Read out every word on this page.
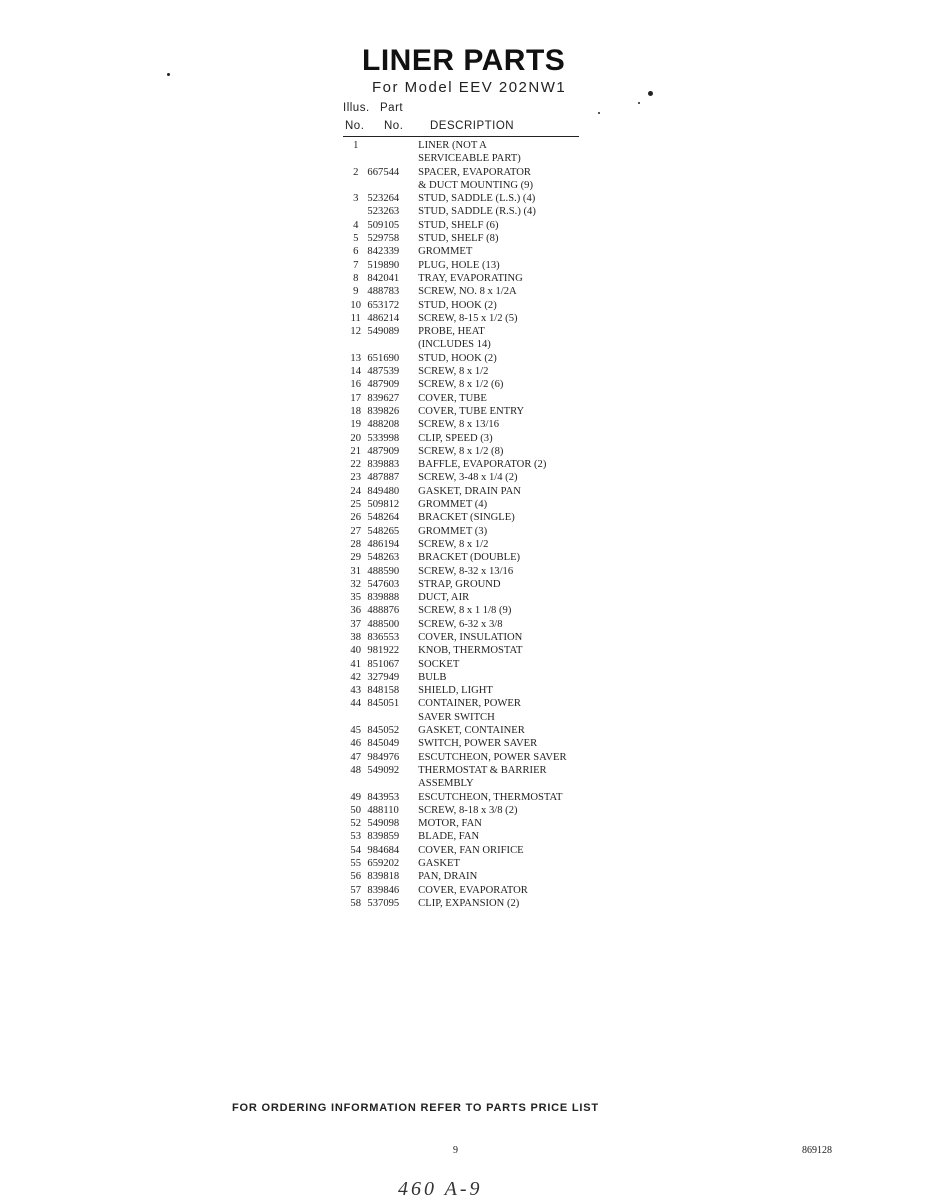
LINER PARTS
For Model EEV 202NW1
Illus. Part
No. No. DESCRIPTION
1	LINER (NOT A
SERVICEABLE PART)
2 667544	SPACER, EVAPORATOR
& DUCT MOUNTING (9)
3 523264	STUD, SADDLE (L.S.) (4)
523263	STUD, SADDLE (R.S.) (4)
4 509105	STUD, SHELF (6)
5 529758	STUD, SHELF (8)
6 842339	GROMMET
7 519890	PLUG, HOLE (13)
8 842041	TRAY, EVAPORATING
9 488783	SCREW, NO. 8 x 1/2A
10 653172	STUD, HOOK (2)
11 486214	SCREW, 8-15 x 1/2 (5)
12 549089	PROBE, HEAT
(INCLUDES 14)
13 651690	STUD, HOOK (2)
14 487539	SCREW, 8 x 1/2
16 487909	SCREW, 8 x 1/2 (6)
17 839627	COVER, TUBE
18 839826	COVER, TUBE ENTRY
19 488208	SCREW, 8 x 13/16
20 533998	CLIP, SPEED (3)
21 487909	SCREW, 8 x 1/2 (8)
22 839883	BAFFLE, EVAPORATOR (2)
23 487887	SCREW, 3-48 x 1/4 (2)
24 849480	GASKET, DRAIN PAN
25 509812	GROMMET (4)
26 548264	BRACKET (SINGLE)
27 548265	GROMMET (3)
28 486194	SCREW, 8 x 1/2
29 548263	BRACKET (DOUBLE)
31 488590	SCREW, 8-32 x 13/16
32 547603	STRAP, GROUND
35 839888	DUCT, AIR
36 488876	SCREW, 8 x 1 1/8 (9)
37 488500	SCREW, 6-32 x 3/8
38 836553	COVER, INSULATION
40 981922	KNOB, THERMOSTAT
41 851067	SOCKET
42 327949	BULB
43 848158	SHIELD, LIGHT
44 845051	CONTAINER, POWER
SAVER SWITCH
45 845052	GASKET, CONTAINER
46 845049	SWITCH, POWER SAVER
47 984976	ESCUTCHEON, POWER SAVER
48 549092	THERMOSTAT & BARRIER
ASSEMBLY
49 843953	ESCUTCHEON, THERMOSTAT
50 488110	SCREW, 8-18 x 3/8 (2)
52 549098	MOTOR, FAN
53 839859	BLADE, FAN
54 984684	COVER, FAN ORIFICE
55 659202	GASKET
56 839818	PAN, DRAIN
57 839846	COVER, EVAPORATOR
58 537095	CLIP, EXPANSION (2)
FOR ORDERING INFORMATION REFER TO PARTS PRICE LIST
9	869128
460 A-9
